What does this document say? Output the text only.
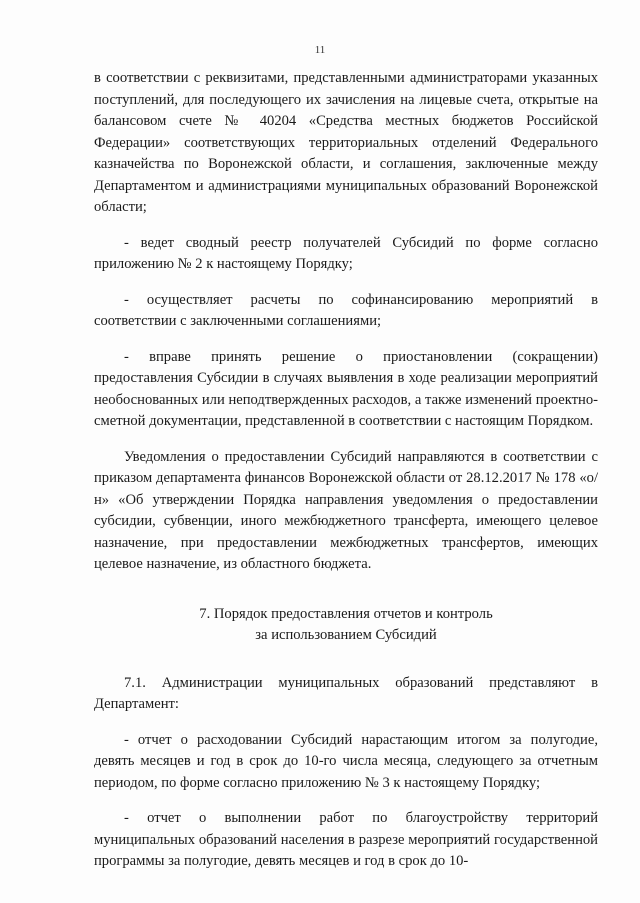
11

в соответствии с реквизитами, представленными администраторами указанных поступлений, для последующего их зачисления на лицевые счета, открытые на балансовом счете № 40204 «Средства местных бюджетов Российской Федерации» соответствующих территориальных отделений Федерального казначейства по Воронежской области, и соглашения, заключенные между Департаментом и администрациями муниципальных образований Воронежской области;

- ведет сводный реестр получателей Субсидий по форме согласно приложению № 2 к настоящему Порядку;

- осуществляет расчеты по софинансированию мероприятий в соответствии с заключенными соглашениями;

- вправе принять решение о приостановлении (сокращении) предоставления Субсидии в случаях выявления в ходе реализации мероприятий необоснованных или неподтвержденных расходов, а также изменений проектно-сметной документации, представленной в соответствии с настоящим Порядком.

Уведомления о предоставлении Субсидий направляются в соответствии с приказом департамента финансов Воронежской области от 28.12.2017 № 178 «о/н» «Об утверждении Порядка направления уведомления о предоставлении субсидии, субвенции, иного межбюджетного трансферта, имеющего целевое назначение, при предоставлении межбюджетных трансфертов, имеющих целевое назначение, из областного бюджета.

7. Порядок предоставления отчетов и контроль
за использованием Субсидий

7.1. Администрации муниципальных образований представляют в Департамент:

- отчет о расходовании Субсидий нарастающим итогом за полугодие, девять месяцев и год в срок до 10-го числа месяца, следующего за отчетным периодом, по форме согласно приложению № 3 к настоящему Порядку;

- отчет о выполнении работ по благоустройству территорий муниципальных образований населения в разрезе мероприятий государственной программы за полугодие, девять месяцев и год в срок до 10-
